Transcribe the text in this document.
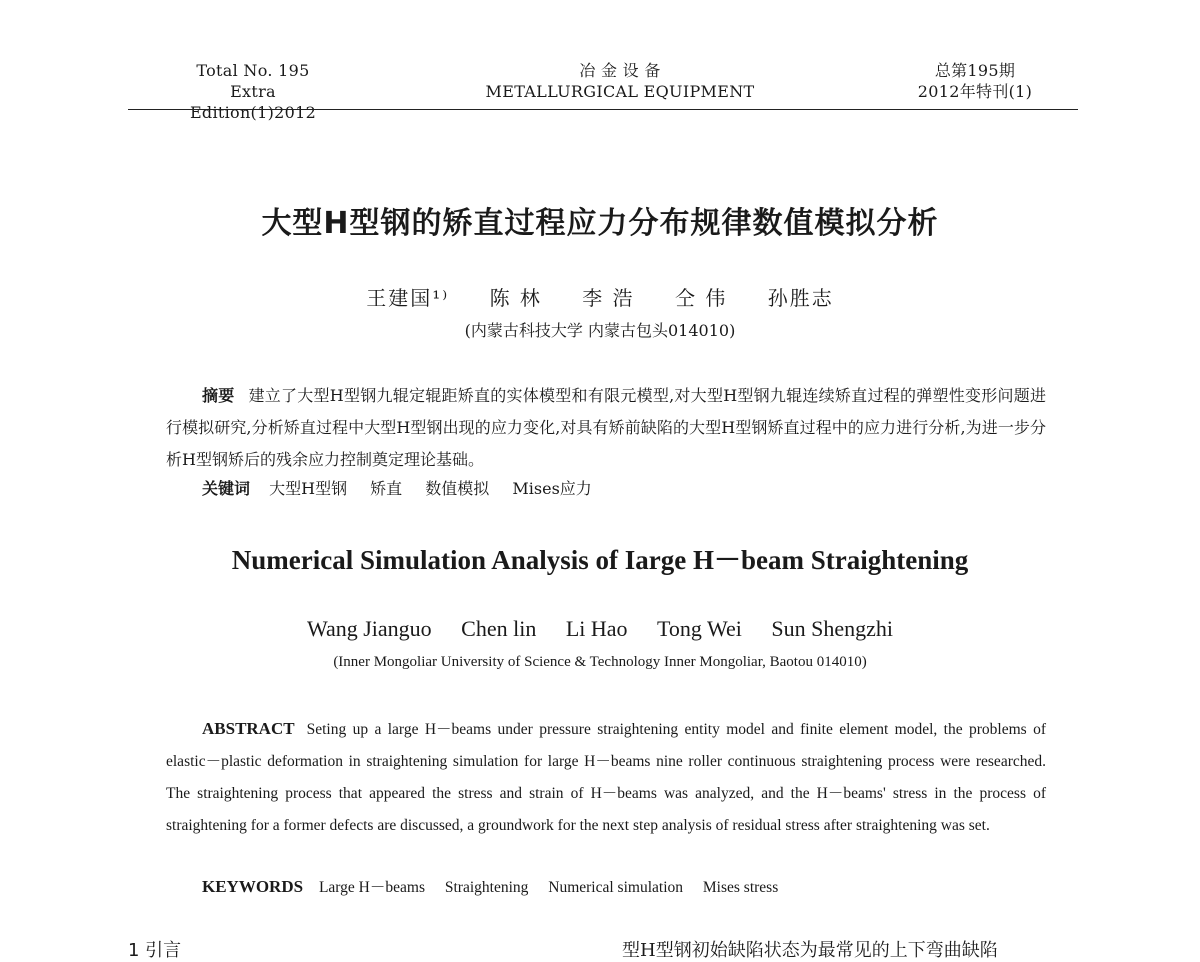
Total No. 195
Extra Edition(1)2012
冶 金 设 备
METALLURGICAL EQUIPMENT
总第195期
2012年特刊(1)
大型H型钢的矫直过程应力分布规律数值模拟分析
王建国¹⁾ 陈 林 李 浩 仝 伟 孙胜志
(内蒙古科技大学 内蒙古包头014010)
摘要 建立了大型H型钢九辊定辊距矫直的实体模型和有限元模型,对大型H型钢九辊连续矫直过程的弹塑性变形问题进行模拟研究,分析矫直过程中大型H型钢出现的应力变化,对具有矫前缺陷的大型H型钢矫直过程中的应力进行分析,为进一步分析H型钢矫后的残余应力控制奠定理论基础。
关键词 大型H型钢 矫直 数值模拟 Mises应力
Numerical Simulation Analysis of Iarge H－beam Straightening
Wang Jianguo Chen lin Li Hao Tong Wei Sun Shengzhi
(Inner Mongoliar University of Science & Technology Inner Mongoliar, Baotou 014010)
ABSTRACT Seting up a large H－beams under pressure straightening entity model and finite element model, the problems of elastic－plastic deformation in straightening simulation for large H－beams nine roller continuous straightening process were researched. The straightening process that appeared the stress and strain of H－beams was analyzed, and the H－beams' stress in the process of straightening for a former defects are discussed, a groundwork for the next step analysis of residual stress after straightening was set.
KEYWORDS Large H－beams Straightening Numerical simulation Mises stress
1 引言	型H型钢初始缺陷状态为最常见的上下弯曲缺陷
